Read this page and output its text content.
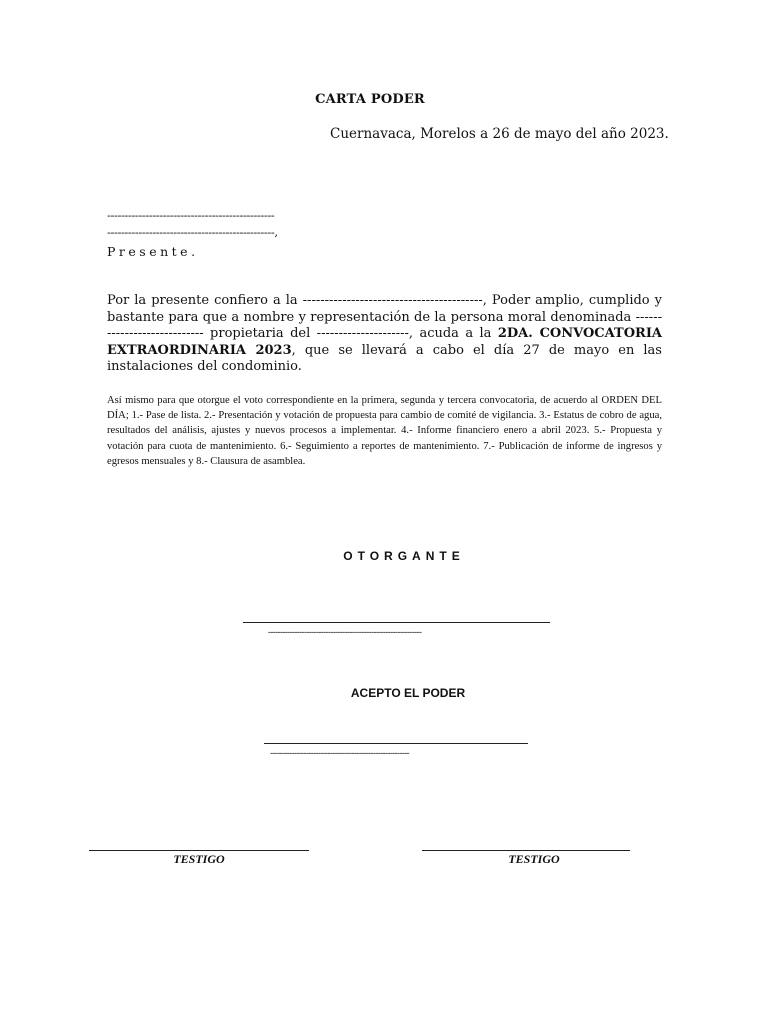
CARTA PODER
Cuernavaca, Morelos a 26 de mayo del año 2023.
------------------------------------------------
------------------------------------------------,
Presente.
Por la presente confiero a la -----------------------------------------, Poder amplio, cumplido y bastante para que a nombre y representación de la persona moral denominada ---------------------------- propietaria del ---------------------, acuda a la 2DA. CONVOCATORIA EXTRAORDINARIA 2023, que se llevará a cabo el día 27 de mayo en las instalaciones del condominio.
Así mismo para que otorgue el voto correspondiente en la primera, segunda y tercera convocatoria, de acuerdo al ORDEN DEL DÍA; 1.- Pase de lista. 2.- Presentación y votación de propuesta para cambio de comité de vigilancia. 3.- Estatus de cobro de agua, resultados del análisis, ajustes y nuevos procesos a implementar. 4.- Informe financiero enero a abril 2023. 5.- Propuesta y votación para cuota de mantenimiento. 6.- Seguimiento a reportes de mantenimiento. 7.- Publicación de informe de ingresos y egresos mensuales y 8.- Clausura de asamblea.
OTORGANTE
----------------------------------------------------------------
ACEPTO EL PODER
----------------------------------------------------------
TESTIGO	TESTIGO
